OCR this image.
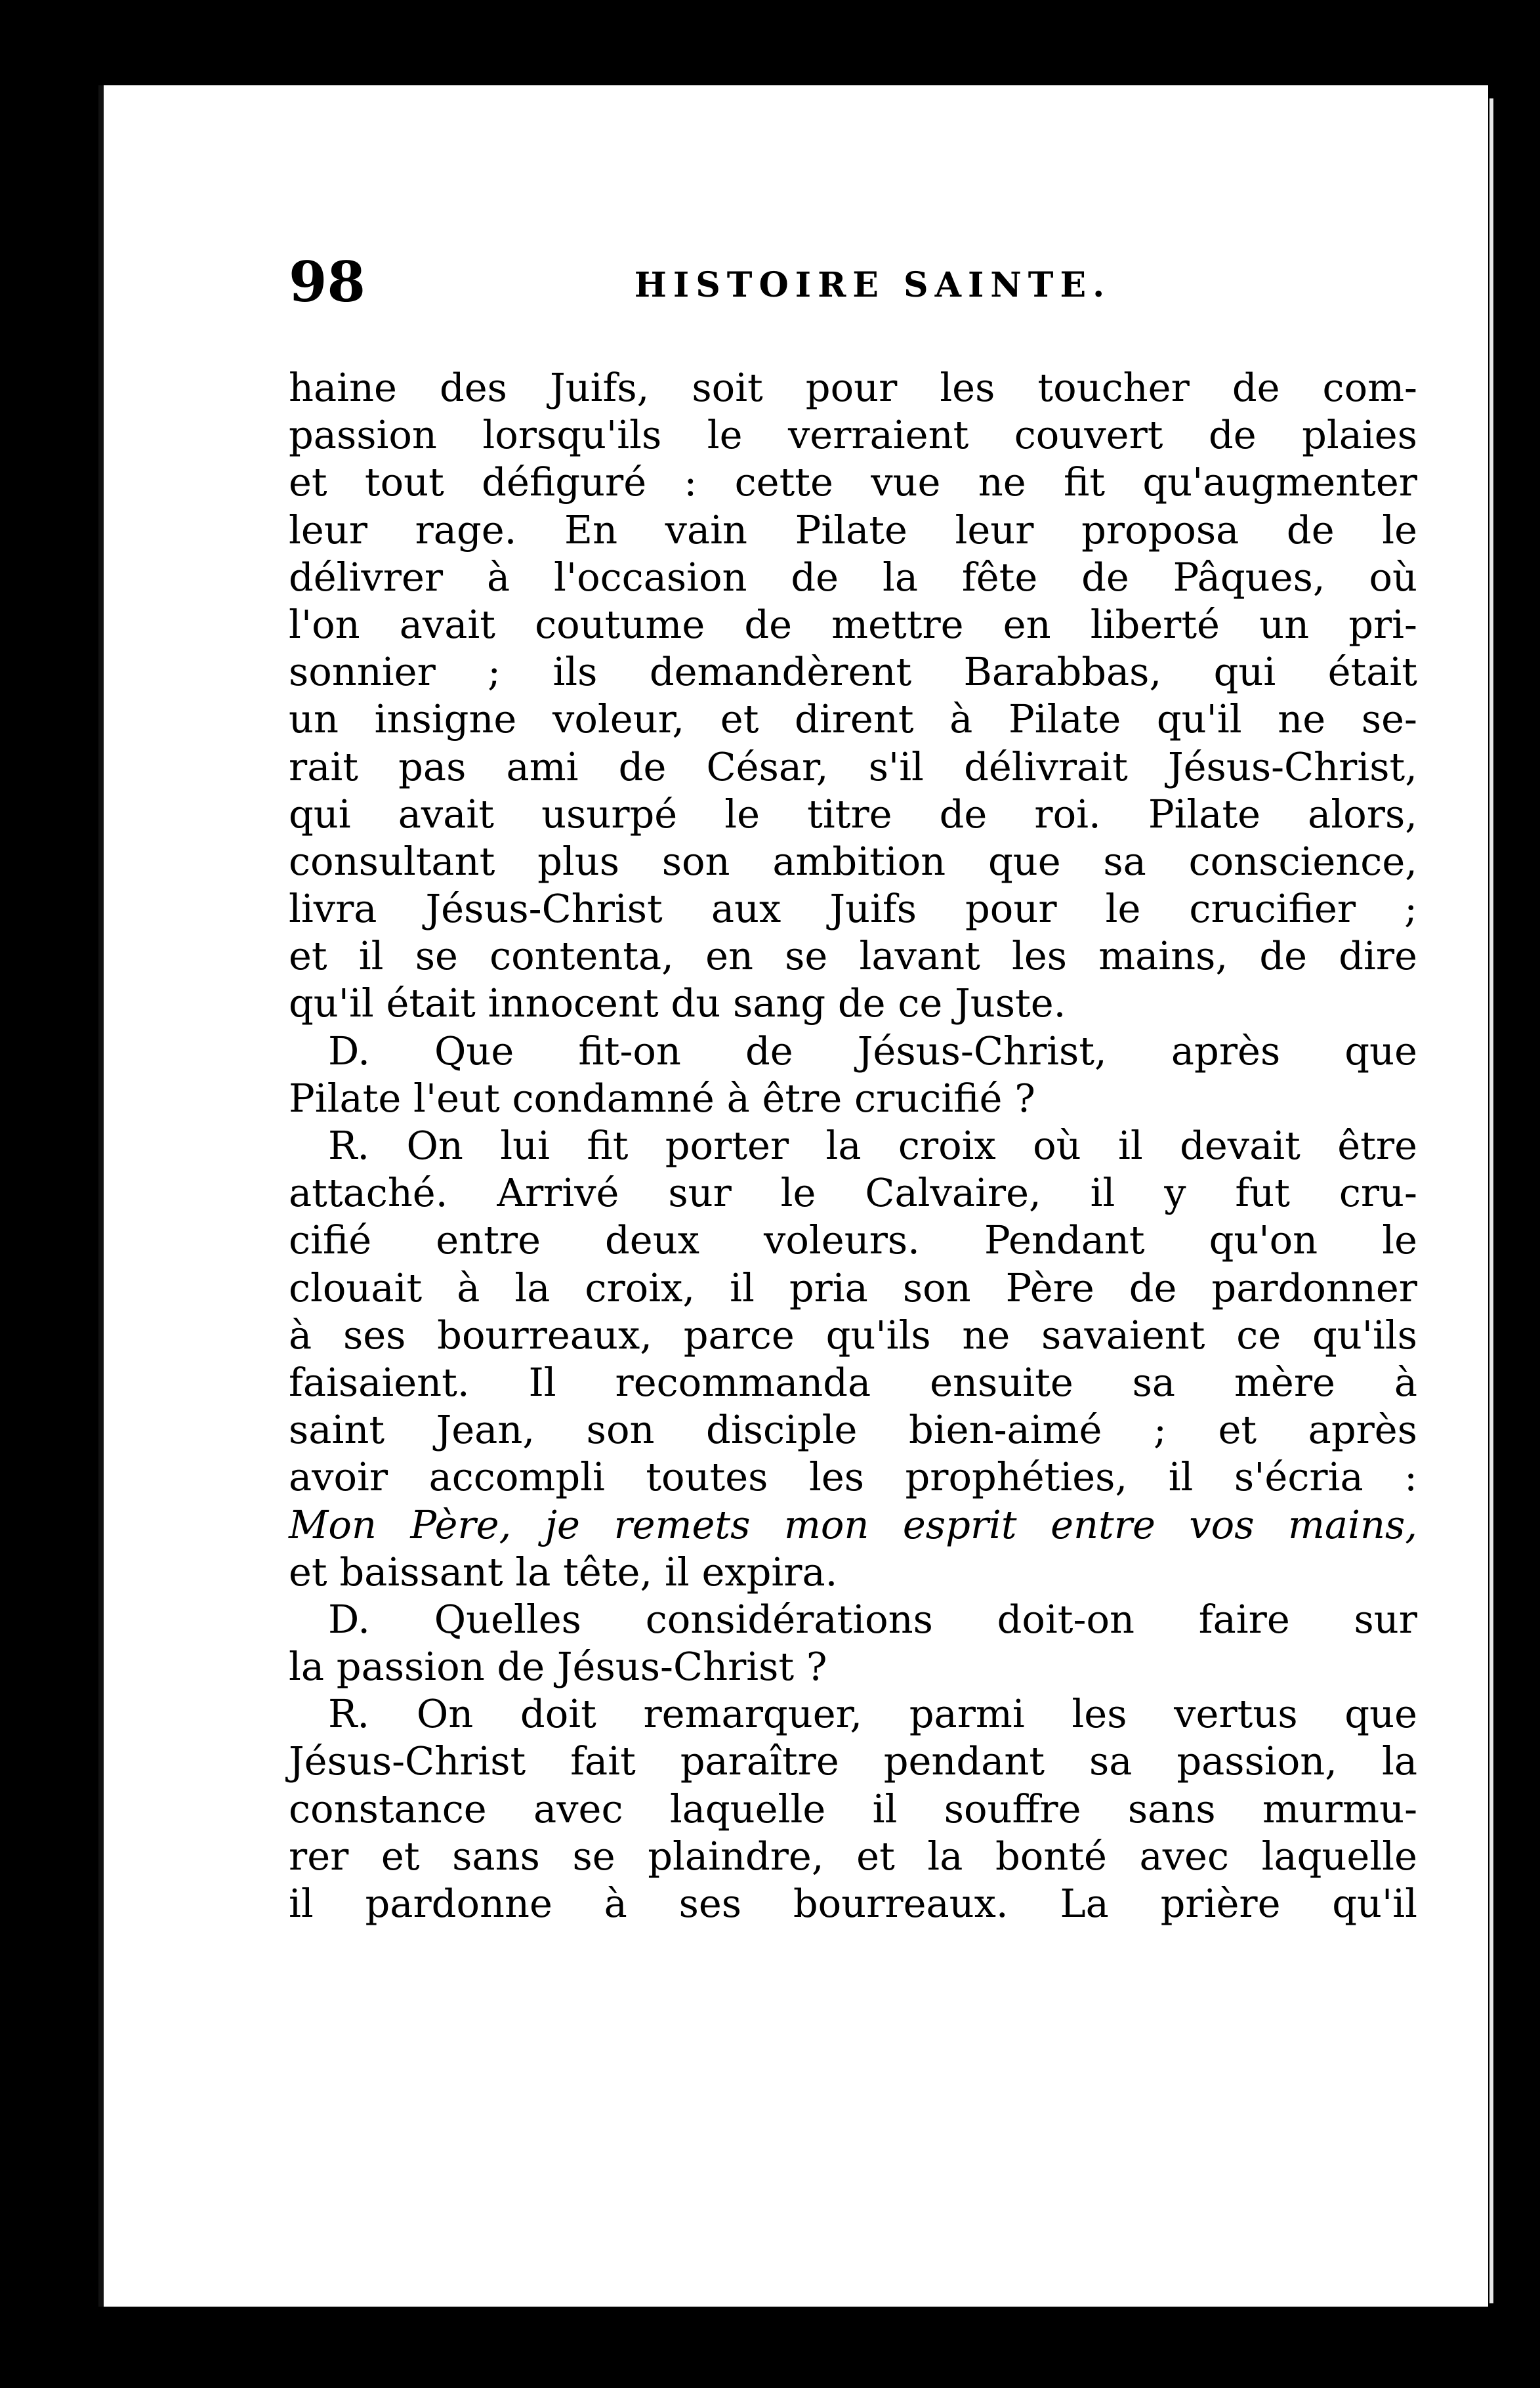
98	HISTOIRE SAINTE.
haine des Juifs, soit pour les toucher de com-
passion lorsqu'ils le verraient couvert de plaies
et tout défiguré : cette vue ne fit qu'augmenter
leur rage. En vain Pilate leur proposa de le
délivrer à l'occasion de la fête de Pâques, où
l'on avait coutume de mettre en liberté un pri-
sonnier ; ils demandèrent Barabbas, qui était
un insigne voleur, et dirent à Pilate qu'il ne se-
rait pas ami de César, s'il délivrait Jésus-Christ,
qui avait usurpé le titre de roi. Pilate alors,
consultant plus son ambition que sa conscience,
livra Jésus-Christ aux Juifs pour le crucifier ;
et il se contenta, en se lavant les mains, de dire
qu'il était innocent du sang de ce Juste.
D. Que fit-on de Jésus-Christ, après que
Pilate l'eut condamné à être crucifié ?
R. On lui fit porter la croix où il devait être
attaché. Arrivé sur le Calvaire, il y fut cru-
cifié entre deux voleurs. Pendant qu'on le
clouait à la croix, il pria son Père de pardonner
à ses bourreaux, parce qu'ils ne savaient ce qu'ils
faisaient. Il recommanda ensuite sa mère à
saint Jean, son disciple bien-aimé ; et après
avoir accompli toutes les prophéties, il s'écria :
Mon Père, je remets mon esprit entre vos mains,
et baissant la tête, il expira.
D. Quelles considérations doit-on faire sur
la passion de Jésus-Christ ?
R. On doit remarquer, parmi les vertus que
Jésus-Christ fait paraître pendant sa passion, la
constance avec laquelle il souffre sans murmu-
rer et sans se plaindre, et la bonté avec laquelle
il pardonne à ses bourreaux. La prière qu'il
